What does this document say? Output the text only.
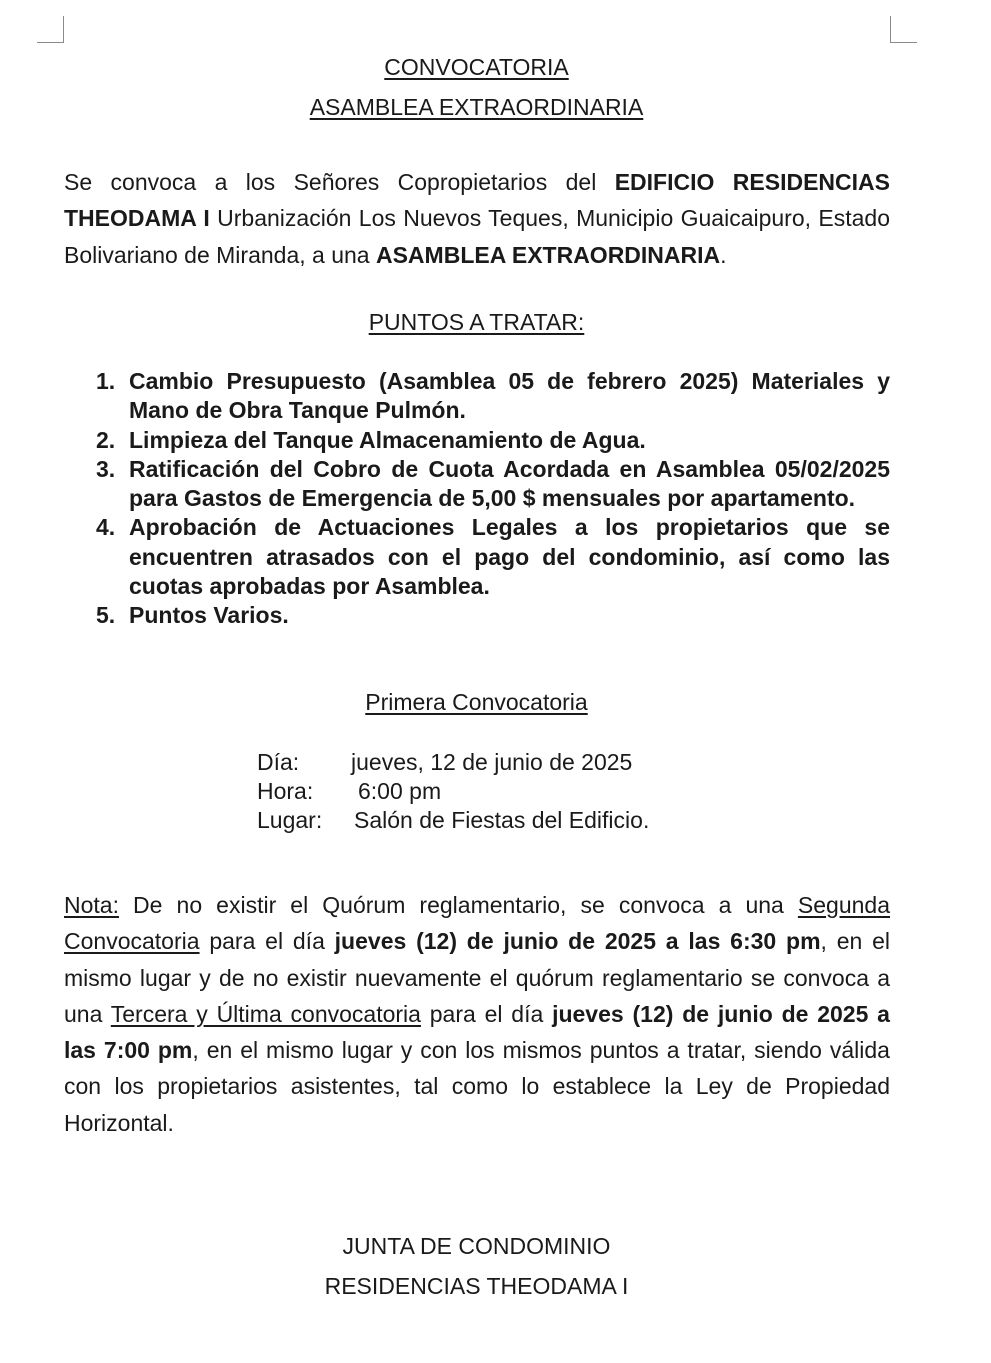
CONVOCATORIA
ASAMBLEA EXTRAORDINARIA

Se convoca a los Señores Copropietarios del EDIFICIO RESIDENCIAS THEODAMA I Urbanización Los Nuevos Teques, Municipio Guaicaipuro, Estado Bolivariano de Miranda, a una ASAMBLEA EXTRAORDINARIA.

PUNTOS A TRATAR:
1. Cambio Presupuesto (Asamblea 05 de febrero 2025) Materiales y Mano de Obra Tanque Pulmón.
2. Limpieza del Tanque Almacenamiento de Agua.
3. Ratificación del Cobro de Cuota Acordada en Asamblea 05/02/2025 para Gastos de Emergencia de 5,00 $ mensuales por apartamento.
4. Aprobación de Actuaciones Legales a los propietarios que se encuentren atrasados con el pago del condominio, así como las cuotas aprobadas por Asamblea.
5. Puntos Varios.
Primera Convocatoria
Día: jueves, 12 de junio de 2025
Hora: 6:00 pm
Lugar: Salón de Fiestas del Edificio.

Nota: De no existir el Quórum reglamentario, se convoca a una Segunda Convocatoria para el día jueves (12) de junio de 2025 a las 6:30 pm, en el mismo lugar y de no existir nuevamente el quórum reglamentario se convoca a una Tercera y Última convocatoria para el día jueves (12) de junio de 2025 a las 7:00 pm, en el mismo lugar y con los mismos puntos a tratar, siendo válida con los propietarios asistentes, tal como lo establece la Ley de Propiedad Horizontal.

JUNTA DE CONDOMINIO
RESIDENCIAS THEODAMA I
